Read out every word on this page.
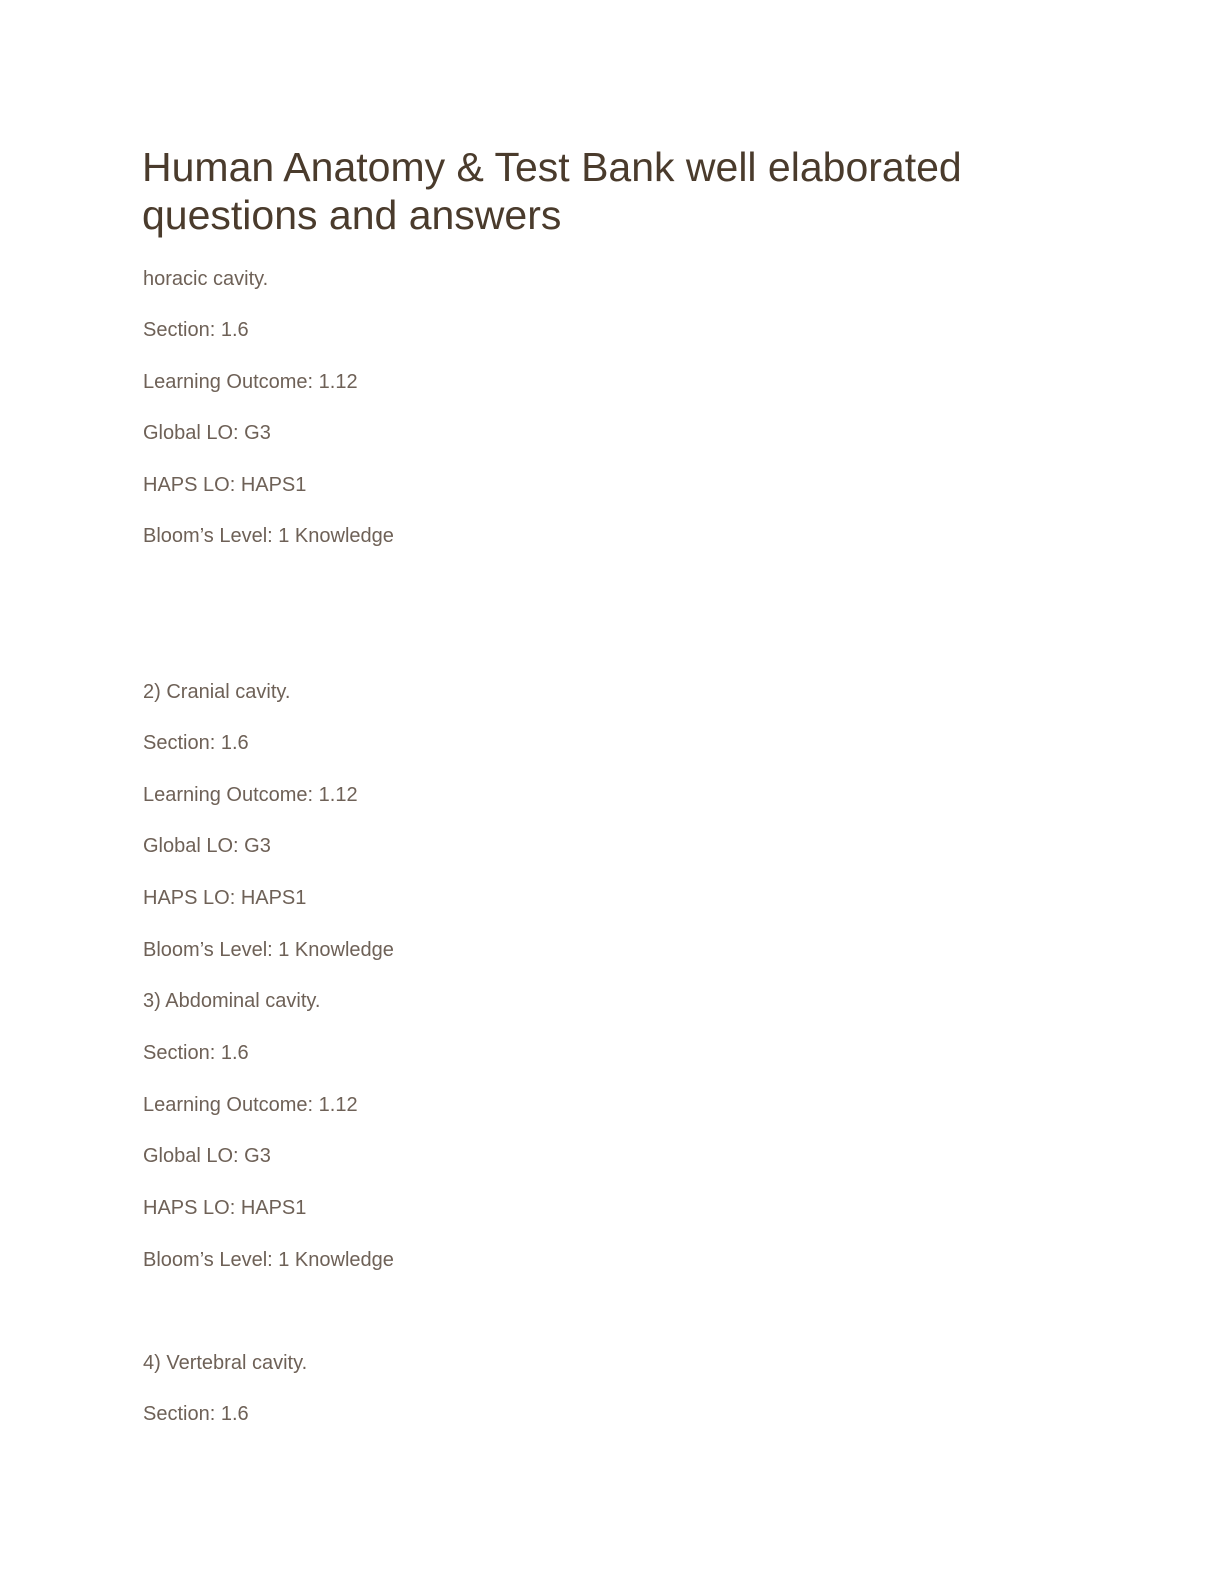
Human Anatomy & Test Bank well elaborated questions and answers

horacic cavity.

Section: 1.6

Learning Outcome: 1.12

Global LO: G3

HAPS LO: HAPS1

Bloom’s Level: 1 Knowledge

2) Cranial cavity.

Section: 1.6

Learning Outcome: 1.12

Global LO: G3

HAPS LO: HAPS1

Bloom’s Level: 1 Knowledge

3) Abdominal cavity.

Section: 1.6

Learning Outcome: 1.12

Global LO: G3

HAPS LO: HAPS1

Bloom’s Level: 1 Knowledge

4) Vertebral cavity.

Section: 1.6
